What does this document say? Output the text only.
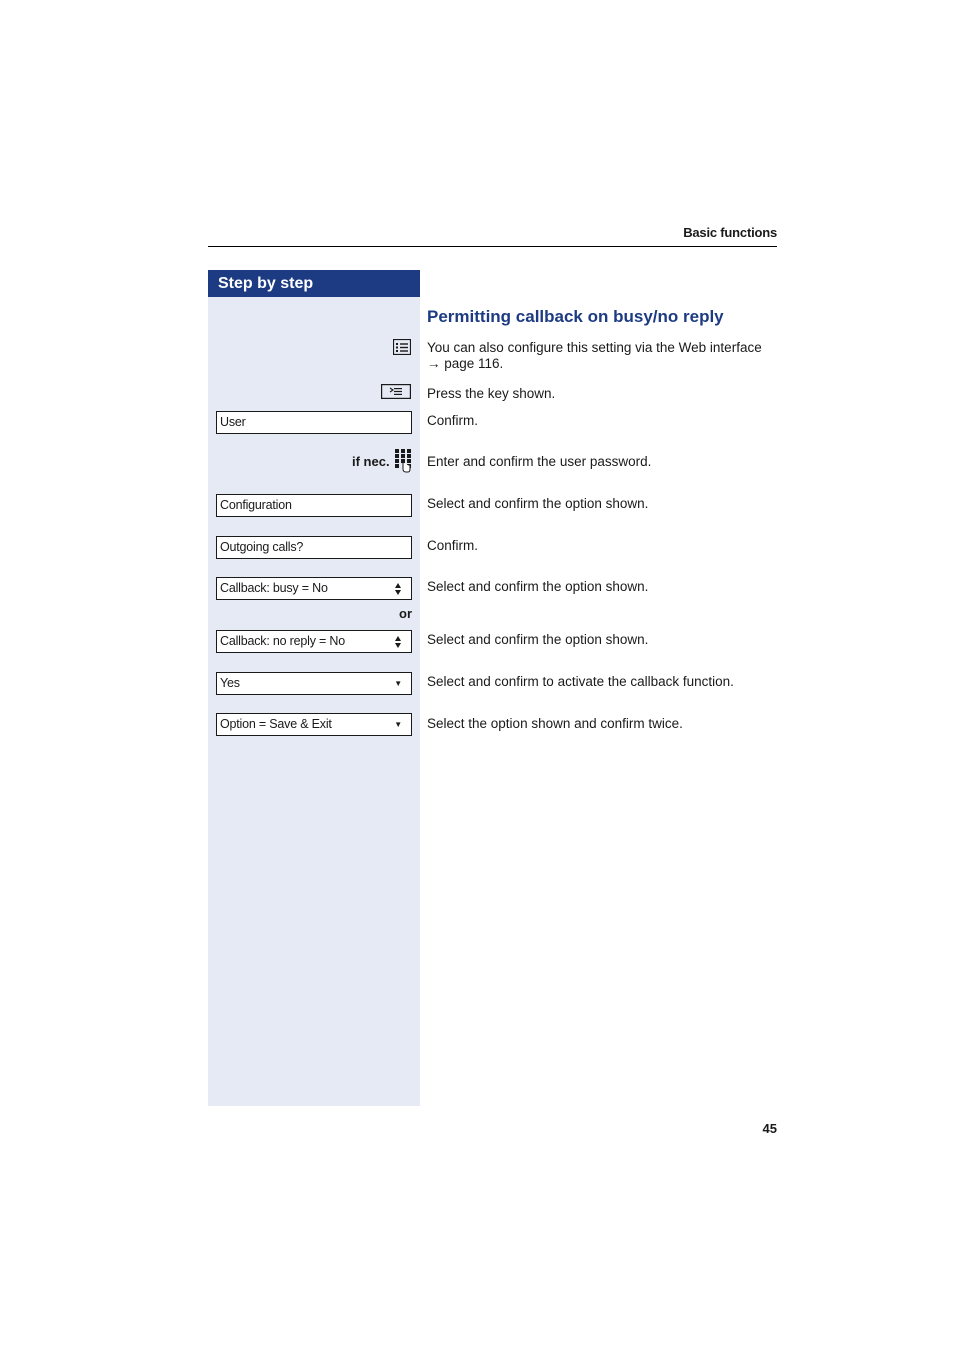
Basic functions
Step by step
Permitting callback on busy/no reply
You can also configure this setting via the Web interface
→ page 116.
Press the key shown.
User	Confirm.
if nec.	Enter and confirm the user password.
Configuration	Select and confirm the option shown.
Outgoing calls?	Confirm.
Callback: busy = No	Select and confirm the option shown.
or
Callback: no reply = No	Select and confirm the option shown.
Yes	▼ Select and confirm to activate the callback function.
Option = Save & Exit	▼ Select the option shown and confirm twice.
45
